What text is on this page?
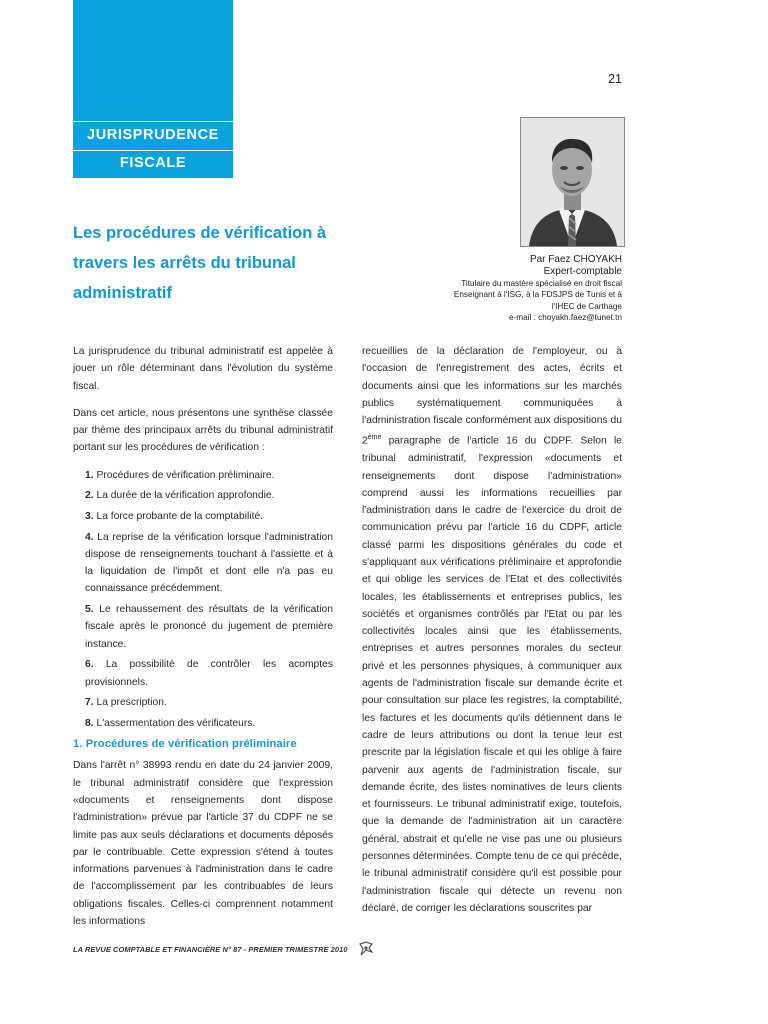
JURISPRUDENCE
FISCALE
21
Les procédures de vérification à travers les arrêts du tribunal administratif
Par Faez CHOYAKH
Expert-comptable
Titulaire du mastère spécialisé en droit fiscal
Enseignant à l'ISG, à la FDSJPS de Tunis et à
l'IHEC de Carthage
e-mail : choyakh.faez@tunet.tn

La jurisprudence du tribunal administratif est appelée à jouer un rôle déterminant dans l'évolution du système fiscal.

Dans cet article, nous présentons une synthèse classée par thème des principaux arrêts du tribunal administratif portant sur les procédures de vérification :

1. Procédures de vérification préliminaire.
2. La durée de la vérification approfondie.
3. La force probante de la comptabilité.
4. La reprise de la vérification lorsque l'administration dispose de renseignements touchant à l'assiette et à la liquidation de l'impôt et dont elle n'a pas eu connaissance précédemment.
5. Le rehaussement des résultats de la vérification fiscale après le prononcé du jugement de première instance.
6. La possibilité de contrôler les acomptes provisionnels.
7. La prescription.
8. L'assermentation des vérificateurs.
1. Procédures de vérification préliminaire

Dans l'arrêt n° 38993 rendu en date du 24 janvier 2009, le tribunal administratif considère que l'expression «documents et renseignements dont dispose l'administration» prévue par l'article 37 du CDPF ne se limite pas aux seuls déclarations et documents déposés par le contribuable. Cette expression s'étend à toutes informations parvenues à l'administration dans le cadre de l'accomplissement par les contribuables de leurs obligations fiscales. Celles-ci comprennent notamment les informations

recueillies de la déclaration de l'employeur, ou à l'occasion de l'enregistrement des actes, écrits et documents ainsi que les informations sur les marchés publics systématiquement communiquées à l'administration fiscale conformément aux dispositions du 2ème paragraphe de l'article 16 du CDPF. Selon le tribunal administratif, l'expression «documents et renseignements dont dispose l'administration» comprend aussi les informations recueillies par l'administration dans le cadre de l'exercice du droit de communication prévu par l'article 16 du CDPF, article classé parmi les dispositions générales du code et s'appliquant aux vérifications préliminaire et approfondie et qui oblige les services de l'Etat et des collectivités locales, les établissements et entreprises publics, les sociétés et organismes contrôlés par l'Etat ou par les collectivités locales ainsi que les établissements, entreprises et autres personnes morales du secteur privé et les personnes physiques, à communiquer aux agents de l'administration fiscale sur demande écrite et pour consultation sur place les registres, la comptabilité, les factures et les documents qu'ils détiennent dans le cadre de leurs attributions ou dont la tenue leur est prescrite par la législation fiscale et qui les oblige à faire parvenir aux agents de l'administration fiscale, sur demande écrite, des listes nominatives de leurs clients et fournisseurs. Le tribunal administratif exige, toutefois, que la demande de l'administration ait un caractère général, abstrait et qu'elle ne vise pas une ou plusieurs personnes déterminées. Compte tenu de ce qui précède, le tribunal administratif considère qu'il est possible pour l'administration fiscale qui détecte un revenu non déclaré, de corriger les déclarations souscrites par

LA REVUE COMPTABLE ET FINANCIÈRE N° 87 - PREMIER TRIMESTRE 2010
